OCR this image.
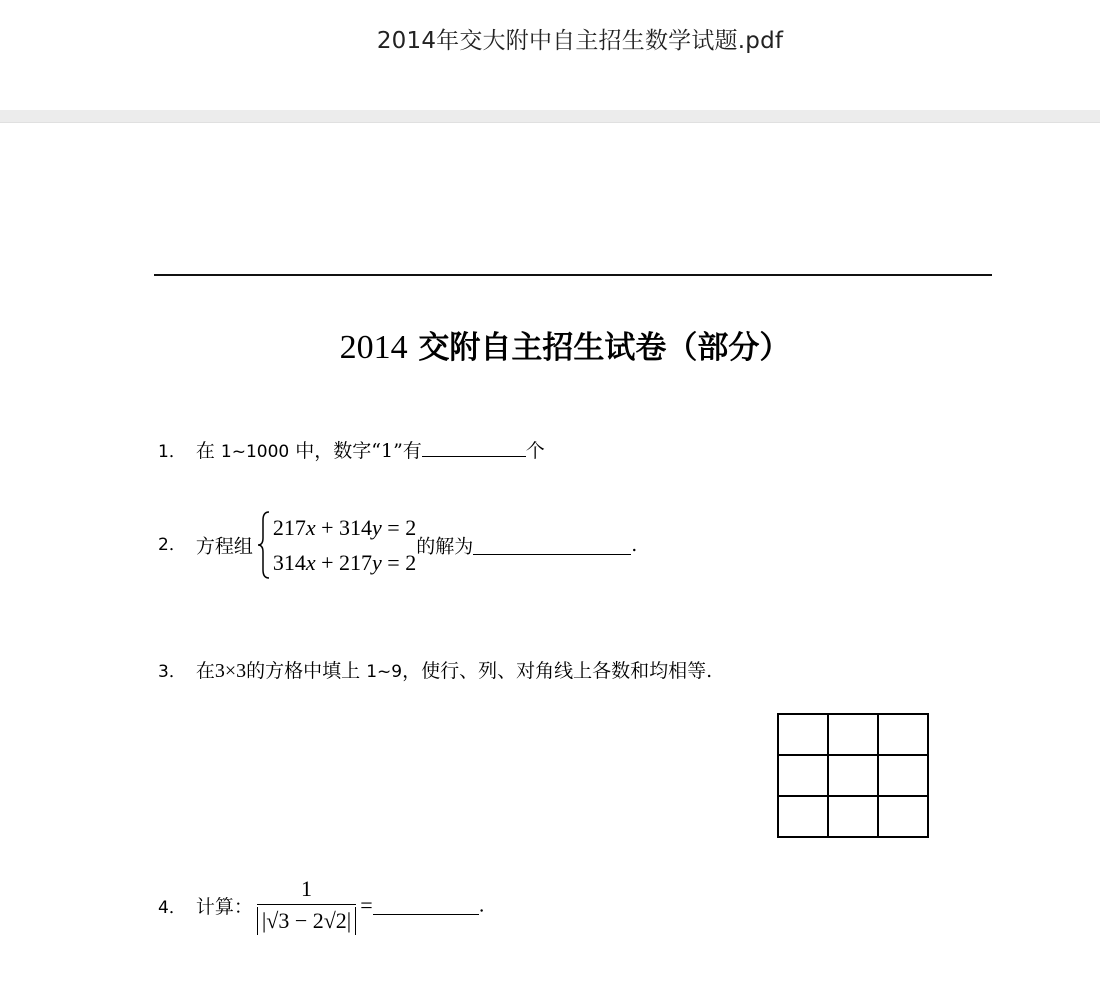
2014年交大附中自主招生数学试题.pdf
2014 交附自主招生试卷（部分）
1． 在 1~1000 中，数字“1”有	个
2． 方程组
217x + 314y = 2
314x + 217y = 2
的解为	.
3． 在3×3的方格中填上 1~9，使行、列、对角线上各数和均相等.

4． 计算： $\frac{1}{|√3 - 2√2|}$ =	.
